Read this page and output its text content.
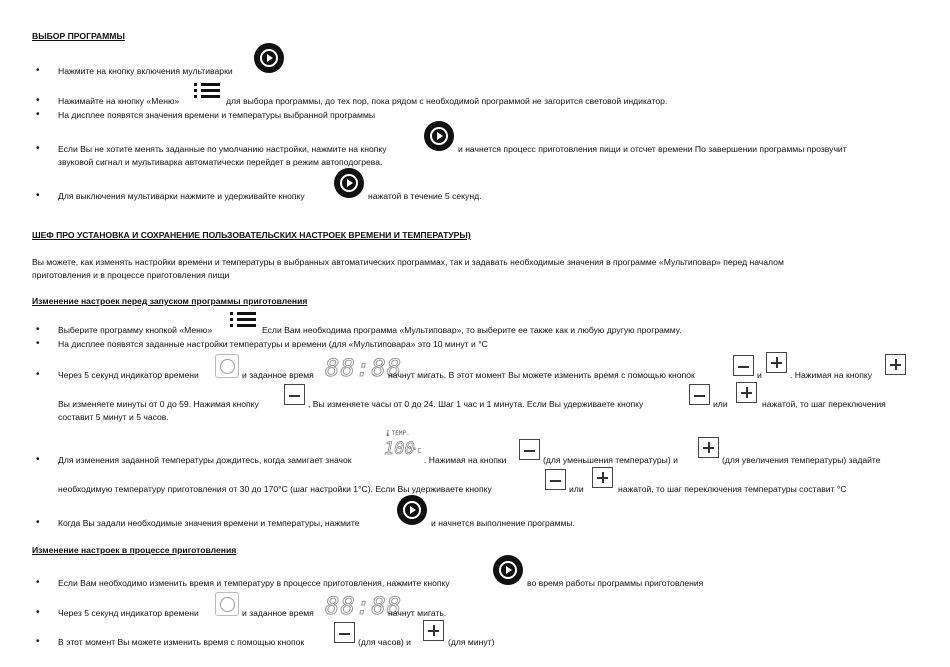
ВЫБОР ПРОГРАММЫ
• Нажмите на кнопку включения мультиварки
• Нажимайте на кнопку «Меню»	для выбора программы, до тех пор, пока рядом с необходимой программой не загорится световой индикатор.
• На дисплее появятся значения времени и температуры выбранной программы
• Если Вы не хотите менять заданные по умолчанию настройки, нажмите на кнопку	и начнется процесс приготовления пищи и отсчет времени По завершении программы прозвучит
звуковой сигнал и мультиварка автоматически перейдет в режим автоподогрева.
• Для выключения мультиварки нажмите и удерживайте кнопку	нажатой в течение 5 секунд.
ШЕФ ПРО УСТАНОВКА И СОХРАНЕНИЕ ПОЛЬЗОВАТЕЛЬСКИХ НАСТРОЕК ВРЕМЕНИ И ТЕМПЕРАТУРЫ)
Вы можете, как изменять настройки времени и температуры в выбранных автоматических программах, так и задавать необходимые значения в программе «Мультиповар» перед началом
приготовления и в процессе приготовления пищи
Изменение настроек перед запуском программы приготовления
• Выберите программу кнопкой «Меню»	Если Вам необходима программа «Мультиповар», то выберите ее также как и любую другую программу.
• На дисплее появятся заданные настройки температуры и времени (для «Мультиповара» это 10 минут и °С
• Через 5 секунд индикатор времени	и заданное время 88:88
начнут мигать. В этот момент Вы можете изменить время с помощью кнопок	и	. Нажимая на кнопку
Вы изменяете минуты от 0 до 59. Нажимая кнопку	, Вы изменяете часы от 0 до 24. Шаг 1 час и 1 минута. Если Вы удерживаете кнопку	или	нажатой, то шаг переключения
составит 5 минут и 5 часов.
• Для изменения заданной температуры дождитесь, когда замигает значок
🌡︎TEMP.
100
°C
. Нажимая на кнопки	(для уменьшения температуры) и	(для увеличения температуры) задайте
необходимую температуру приготовления от 30 до 170°С (шаг настройки 1°С). Если Вы удерживаете кнопку	или	нажатой, то шаг переключения температуры составит °С
• Когда Вы задали необходимые значения времени и температуры, нажмите	и начнется выполнение программы.
Изменение настроек в процессе приготовления
• Если Вам необходимо изменить время и температуру в процессе приготовления, нажмите кнопку	во время работы программы приготовления
• Через 5 секунд индикатор времени	и заданное время 88:88
начнут мигать.
• В этот момент Вы можете изменить время с помощью кнопок	(для часов) и	(для минут)
